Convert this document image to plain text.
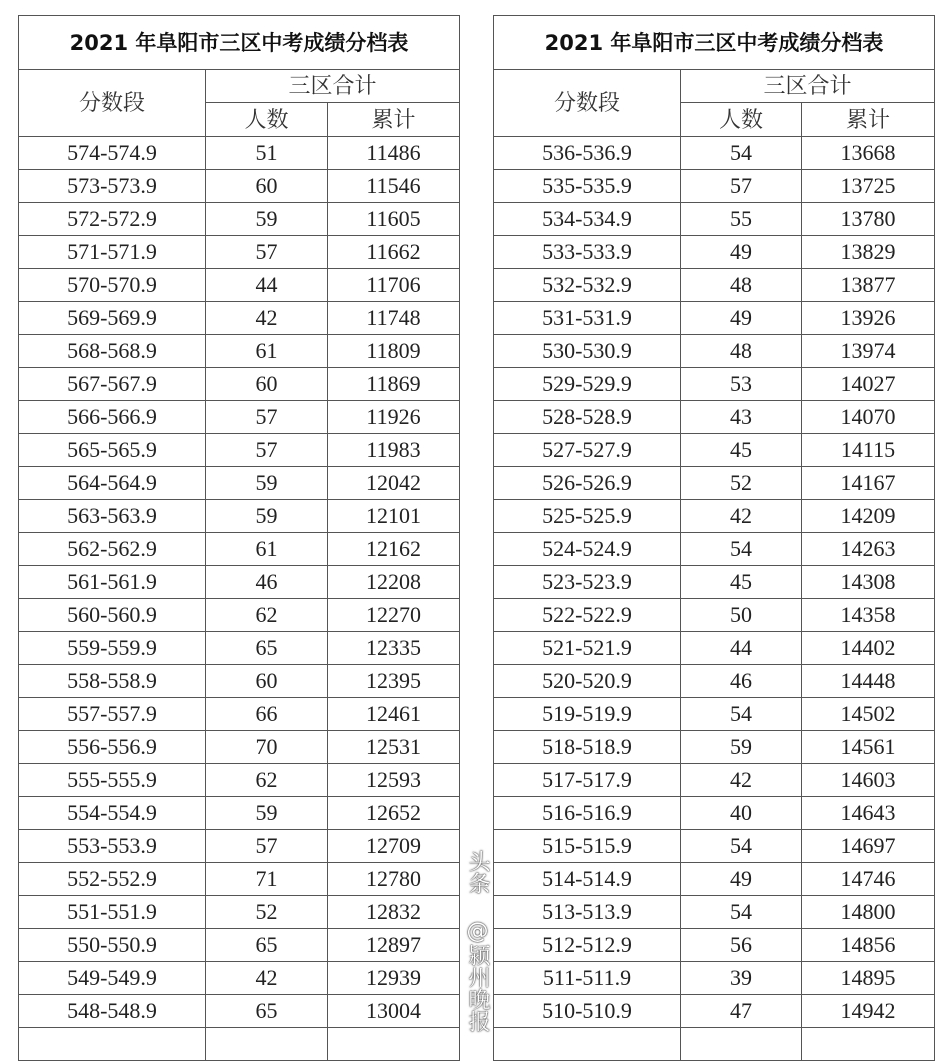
2021 年阜阳市三区中考成绩分档表		
分数段	三区合计	
	人数	累计
574-574.9	51	11486
573-573.9	60	11546
572-572.9	59	11605
571-571.9	57	11662
570-570.9	44	11706
569-569.9	42	11748
568-568.9	61	11809
567-567.9	60	11869
566-566.9	57	11926
565-565.9	57	11983
564-564.9	59	12042
563-563.9	59	12101
562-562.9	61	12162
561-561.9	46	12208
560-560.9	62	12270
559-559.9	65	12335
558-558.9	60	12395
557-557.9	66	12461
556-556.9	70	12531
555-555.9	62	12593
554-554.9	59	12652
553-553.9	57	12709
552-552.9	71	12780
551-551.9	52	12832
550-550.9	65	12897
549-549.9	42	12939
548-548.9	65	13004

2021 年阜阳市三区中考成绩分档表		
分数段	三区合计	
	人数	累计
536-536.9	54	13668
535-535.9	57	13725
534-534.9	55	13780
533-533.9	49	13829
532-532.9	48	13877
531-531.9	49	13926
530-530.9	48	13974
529-529.9	53	14027
528-528.9	43	14070
527-527.9	45	14115
526-526.9	52	14167
525-525.9	42	14209
524-524.9	54	14263
523-523.9	45	14308
522-522.9	50	14358
521-521.9	44	14402
520-520.9	46	14448
519-519.9	54	14502
518-518.9	59	14561
517-517.9	42	14603
516-516.9	40	14643
515-515.9	54	14697
514-514.9	49	14746
513-513.9	54	14800
512-512.9	56	14856
511-511.9	39	14895
510-510.9	47	14942

头条 @颍州晚报
